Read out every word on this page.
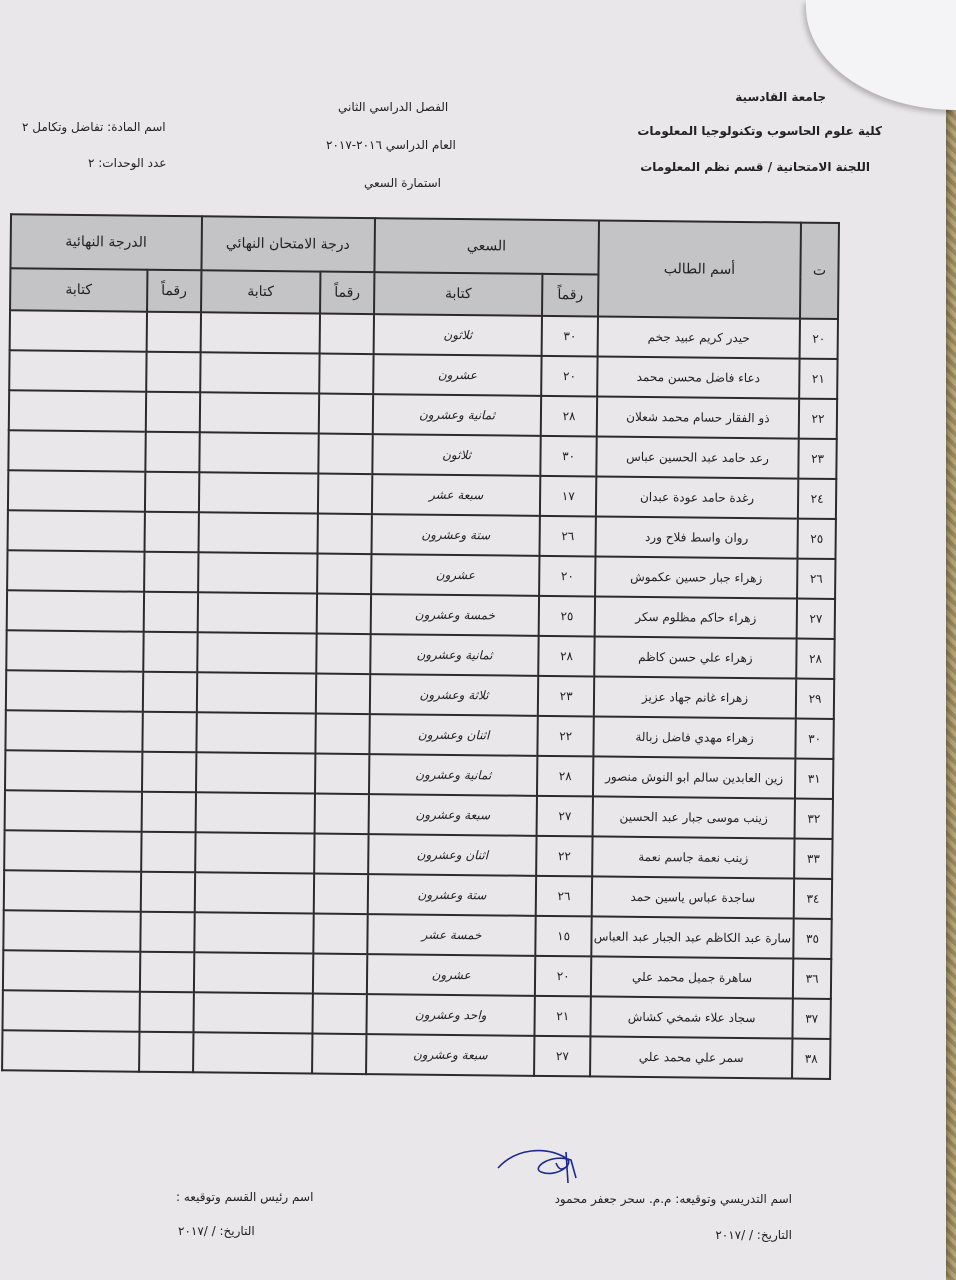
جامعة القادسية
كلية علوم الحاسوب وتكنولوجيا المعلومات
اللجنة الامتحانية / قسم نظم المعلومات
الفصل الدراسي الثاني
العام الدراسي ٢٠١٦-٢٠١٧
استمارة السعي
اسم المادة: تفاضل وتكامل ٢
عدد الوحدات: ٢
ت	أسم الطالب	السعي		درجة الامتحان النهائي		الدرجة النهائية	
		رقماً	كتابة	رقماً	كتابة	رقماً	كتابة
٢٠	حيدر كريم عبيد جخم	٣٠	ثلاثون				
٢١	دعاء فاضل محسن محمد	٢٠	عشرون				
٢٢	ذو الفقار حسام محمد شعلان	٢٨	ثمانية وعشرون				
٢٣	رعد حامد عبد الحسين عباس	٣٠	ثلاثون				
٢٤	رغدة حامد عودة عبدان	١٧	سبعة عشر				
٢٥	روان واسط فلاح ورد	٢٦	ستة وعشرون				
٢٦	زهراء جبار حسين عكموش	٢٠	عشرون				
٢٧	زهراء حاكم مظلوم سكر	٢٥	خمسة وعشرون				
٢٨	زهراء علي حسن كاظم	٢٨	ثمانية وعشرون				
٢٩	زهراء غانم جهاد عزيز	٢٣	ثلاثة وعشرون				
٣٠	زهراء مهدي فاضل زبالة	٢٢	اثنان وعشرون				
٣١	زين العابدين سالم ابو النوش منصور	٢٨	ثمانية وعشرون				
٣٢	زينب موسى جبار عبد الحسين	٢٧	سبعة وعشرون				
٣٣	زينب نعمة جاسم نعمة	٢٢	اثنان وعشرون				
٣٤	ساجدة عباس ياسين حمد	٢٦	ستة وعشرون				
٣٥	سارة عبد الكاظم عبد الجبار عبد العباس	١٥	خمسة عشر				
٣٦	ساهرة جميل محمد علي	٢٠	عشرون				
٣٧	سجاد علاء شمخي كشاش	٢١	واحد وعشرون				
٣٨	سمر علي محمد علي	٢٧	سبعة وعشرون				
اسم التدريسي وتوقيعه: م.م. سحر جعفر محمود
اسم رئيس القسم وتوقيعه :
التاريخ: / /٢٠١٧
التاريخ: / /٢٠١٧
